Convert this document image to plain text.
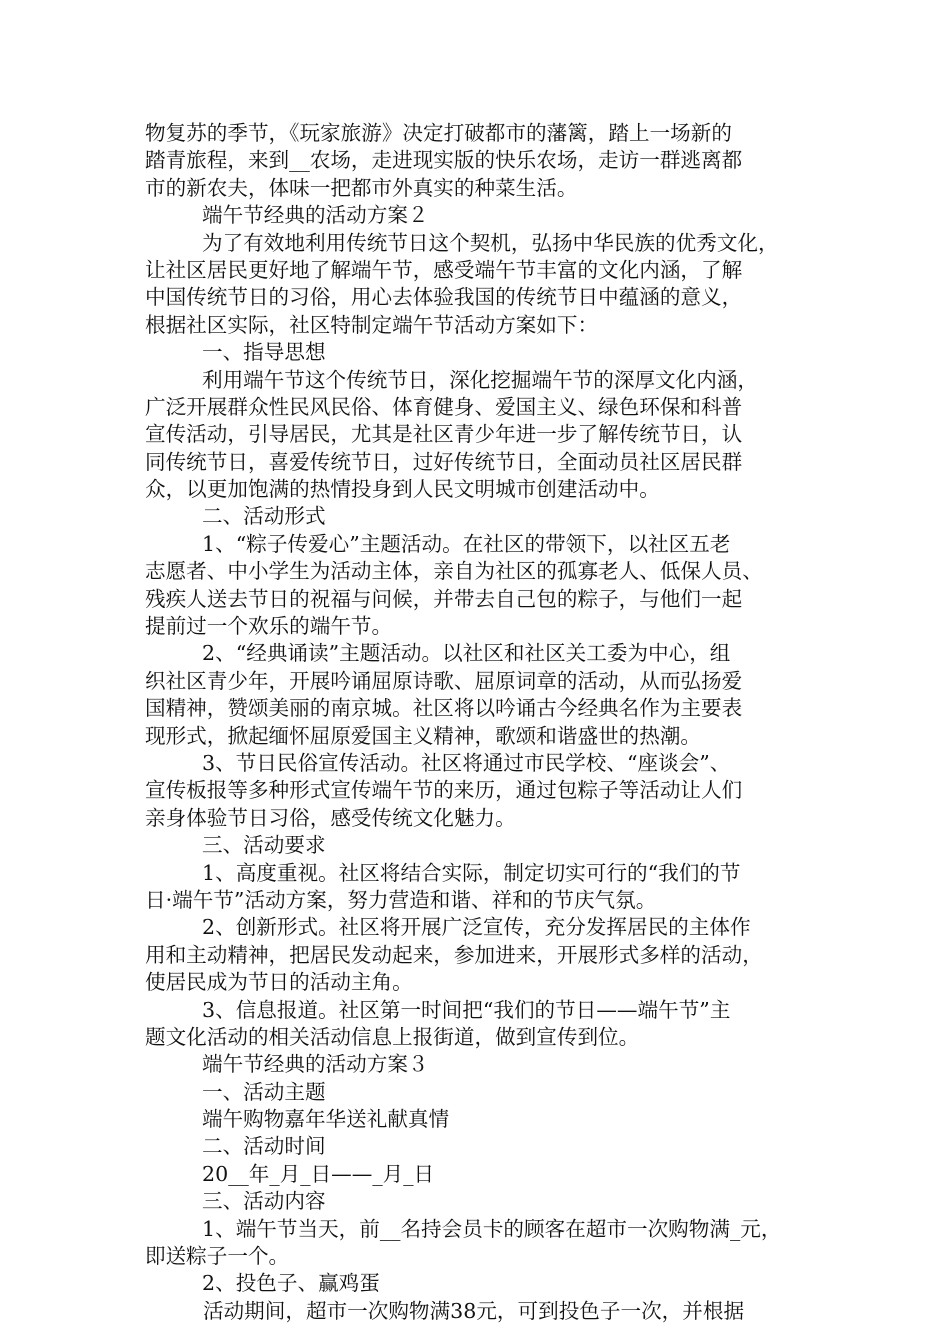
物复苏的季节，《玩家旅游》决定打破都市的藩篱，踏上一场新的
踏青旅程，来到__农场，走进现实版的快乐农场，走访一群逃离都
市的新农夫，体味一把都市外真实的种菜生活。
端午节经典的活动方案２
为了有效地利用传统节日这个契机，弘扬中华民族的优秀文化，
让社区居民更好地了解端午节，感受端午节丰富的文化内涵，了解
中国传统节日的习俗，用心去体验我国的传统节日中蕴涵的意义，
根据社区实际，社区特制定端午节活动方案如下：
一、指导思想
利用端午节这个传统节日，深化挖掘端午节的深厚文化内涵，
广泛开展群众性民风民俗、体育健身、爱国主义、绿色环保和科普
宣传活动，引导居民，尤其是社区青少年进一步了解传统节日，认
同传统节日，喜爱传统节日，过好传统节日，全面动员社区居民群
众，以更加饱满的热情投身到人民文明城市创建活动中。
二、活动形式
1、“粽子传爱心”主题活动。在社区的带领下，以社区五老
志愿者、中小学生为活动主体，亲自为社区的孤寡老人、低保人员、
残疾人送去节日的祝福与问候，并带去自己包的粽子，与他们一起
提前过一个欢乐的端午节。
2、“经典诵读”主题活动。以社区和社区关工委为中心，组
织社区青少年，开展吟诵屈原诗歌、屈原词章的活动，从而弘扬爱
国精神，赞颂美丽的南京城。社区将以吟诵古今经典名作为主要表
现形式，掀起缅怀屈原爱国主义精神，歌颂和谐盛世的热潮。
3、节日民俗宣传活动。社区将通过市民学校、“座谈会”、
宣传板报等多种形式宣传端午节的来历，通过包粽子等活动让人们
亲身体验节日习俗，感受传统文化魅力。
三、活动要求
1、高度重视。社区将结合实际，制定切实可行的“我们的节
日·端午节”活动方案，努力营造和谐、祥和的节庆气氛。
2、创新形式。社区将开展广泛宣传，充分发挥居民的主体作
用和主动精神，把居民发动起来，参加进来，开展形式多样的活动，
使居民成为节日的活动主角。
3、信息报道。社区第一时间把“我们的节日——端午节”主
题文化活动的相关活动信息上报街道，做到宣传到位。
端午节经典的活动方案３
一、活动主题
端午购物嘉年华送礼献真情
二、活动时间
20__年_月_日——_月_日
三、活动内容
1、端午节当天，前__名持会员卡的顾客在超市一次购物满_元，
即送粽子一个。
2、投色子、赢鸡蛋
活动期间，超市一次购物满38元，可到投色子一次，并根据
